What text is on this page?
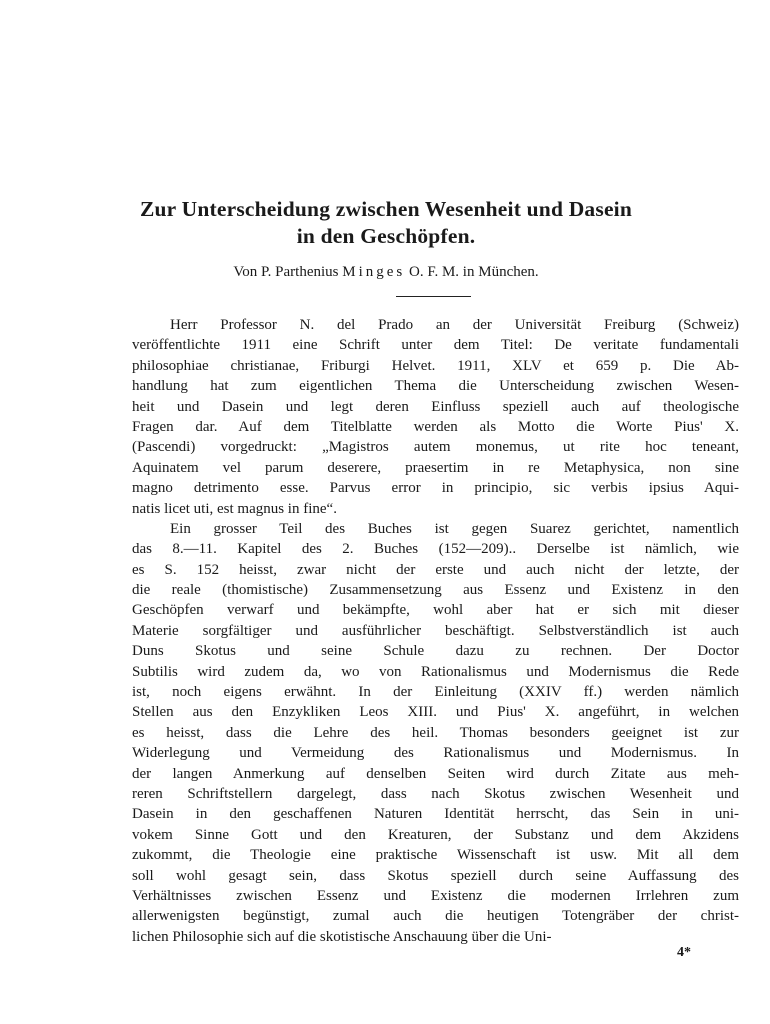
Zur Unterscheidung zwischen Wesenheit und Dasein
in den Geschöpfen.
Von P. Parthenius Minges O. F. M. in München.
Herr Professor N. del Prado an der Universität Freiburg (Schweiz)
veröffentlichte 1911 eine Schrift unter dem Titel: De veritate fundamentali
philosophiae christianae, Friburgi Helvet. 1911, XLV et 659 p. Die Ab-
handlung hat zum eigentlichen Thema die Unterscheidung zwischen Wesen-
heit und Dasein und legt deren Einfluss speziell auch auf theologische
Fragen dar. Auf dem Titelblatte werden als Motto die Worte Pius' X.
(Pascendi) vorgedruckt: „Magistros autem monemus, ut rite hoc teneant,
Aquinatem vel parum deserere, praesertim in re Metaphysica, non sine
magno detrimento esse. Parvus error in principio, sic verbis ipsius Aqui-
natis licet uti, est magnus in fine“.
Ein grosser Teil des Buches ist gegen Suarez gerichtet, namentlich
das 8.—11. Kapitel des 2. Buches (152—209).. Derselbe ist nämlich, wie
es S. 152 heisst, zwar nicht der erste und auch nicht der letzte, der
die reale (thomistische) Zusammensetzung aus Essenz und Existenz in den
Geschöpfen verwarf und bekämpfte, wohl aber hat er sich mit dieser
Materie sorgfältiger und ausführlicher beschäftigt. Selbstverständlich ist auch
Duns Skotus und seine Schule dazu zu rechnen. Der Doctor
Subtilis wird zudem da, wo von Rationalismus und Modernismus die Rede
ist, noch eigens erwähnt. In der Einleitung (XXIV ff.) werden nämlich
Stellen aus den Enzykliken Leos XIII. und Pius' X. angeführt, in welchen
es heisst, dass die Lehre des heil. Thomas besonders geeignet ist zur
Widerlegung und Vermeidung des Rationalismus und Modernismus. In
der langen Anmerkung auf denselben Seiten wird durch Zitate aus meh-
reren Schriftstellern dargelegt, dass nach Skotus zwischen Wesenheit und
Dasein in den geschaffenen Naturen Identität herrscht, das Sein in uni-
vokem Sinne Gott und den Kreaturen, der Substanz und dem Akzidens
zukommt, die Theologie eine praktische Wissenschaft ist usw. Mit all dem
soll wohl gesagt sein, dass Skotus speziell durch seine Auffassung des
Verhältnisses zwischen Essenz und Existenz die modernen Irrlehren zum
allerwenigsten begünstigt, zumal auch die heutigen Totengräber der christ-
lichen Philosophie sich auf die skotistische Anschauung über die Uni-
4*
